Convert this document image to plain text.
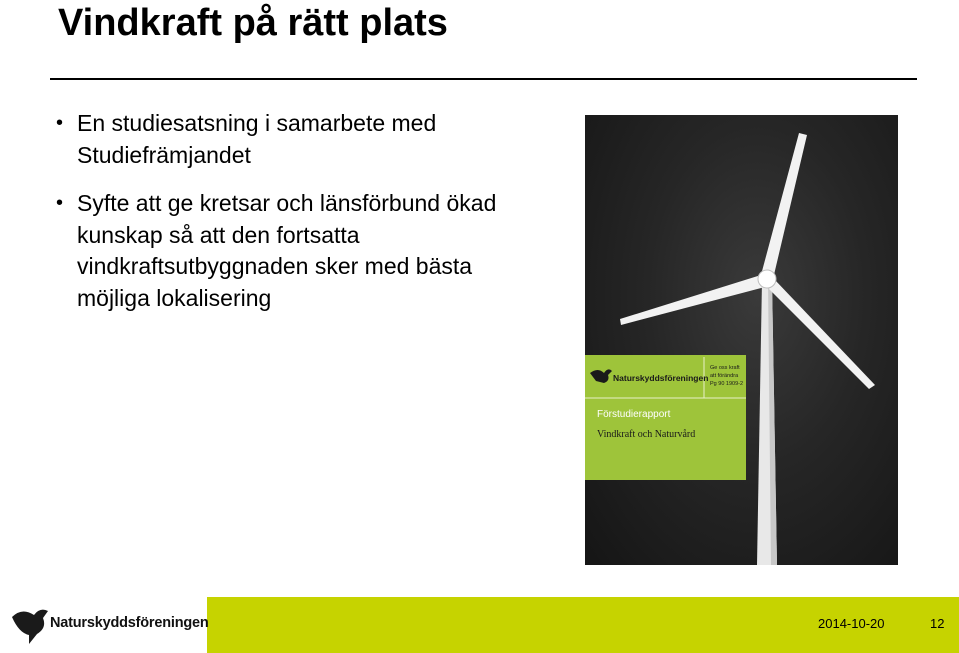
Vindkraft på rätt plats
• En studiesatsning i samarbete med
Studiefrämjandet
• Syfte att ge kretsar och länsförbund ökad
kunskap så att den fortsatta
vindkraftsutbyggnaden sker med bästa
möjliga lokalisering
Naturskyddsföreningen
Ge oss kraft
att förändra
Pg 90 1909-2
Förstudierapport
Vindkraft och Naturvård
Naturskyddsföreningen	2014-10-20	12
